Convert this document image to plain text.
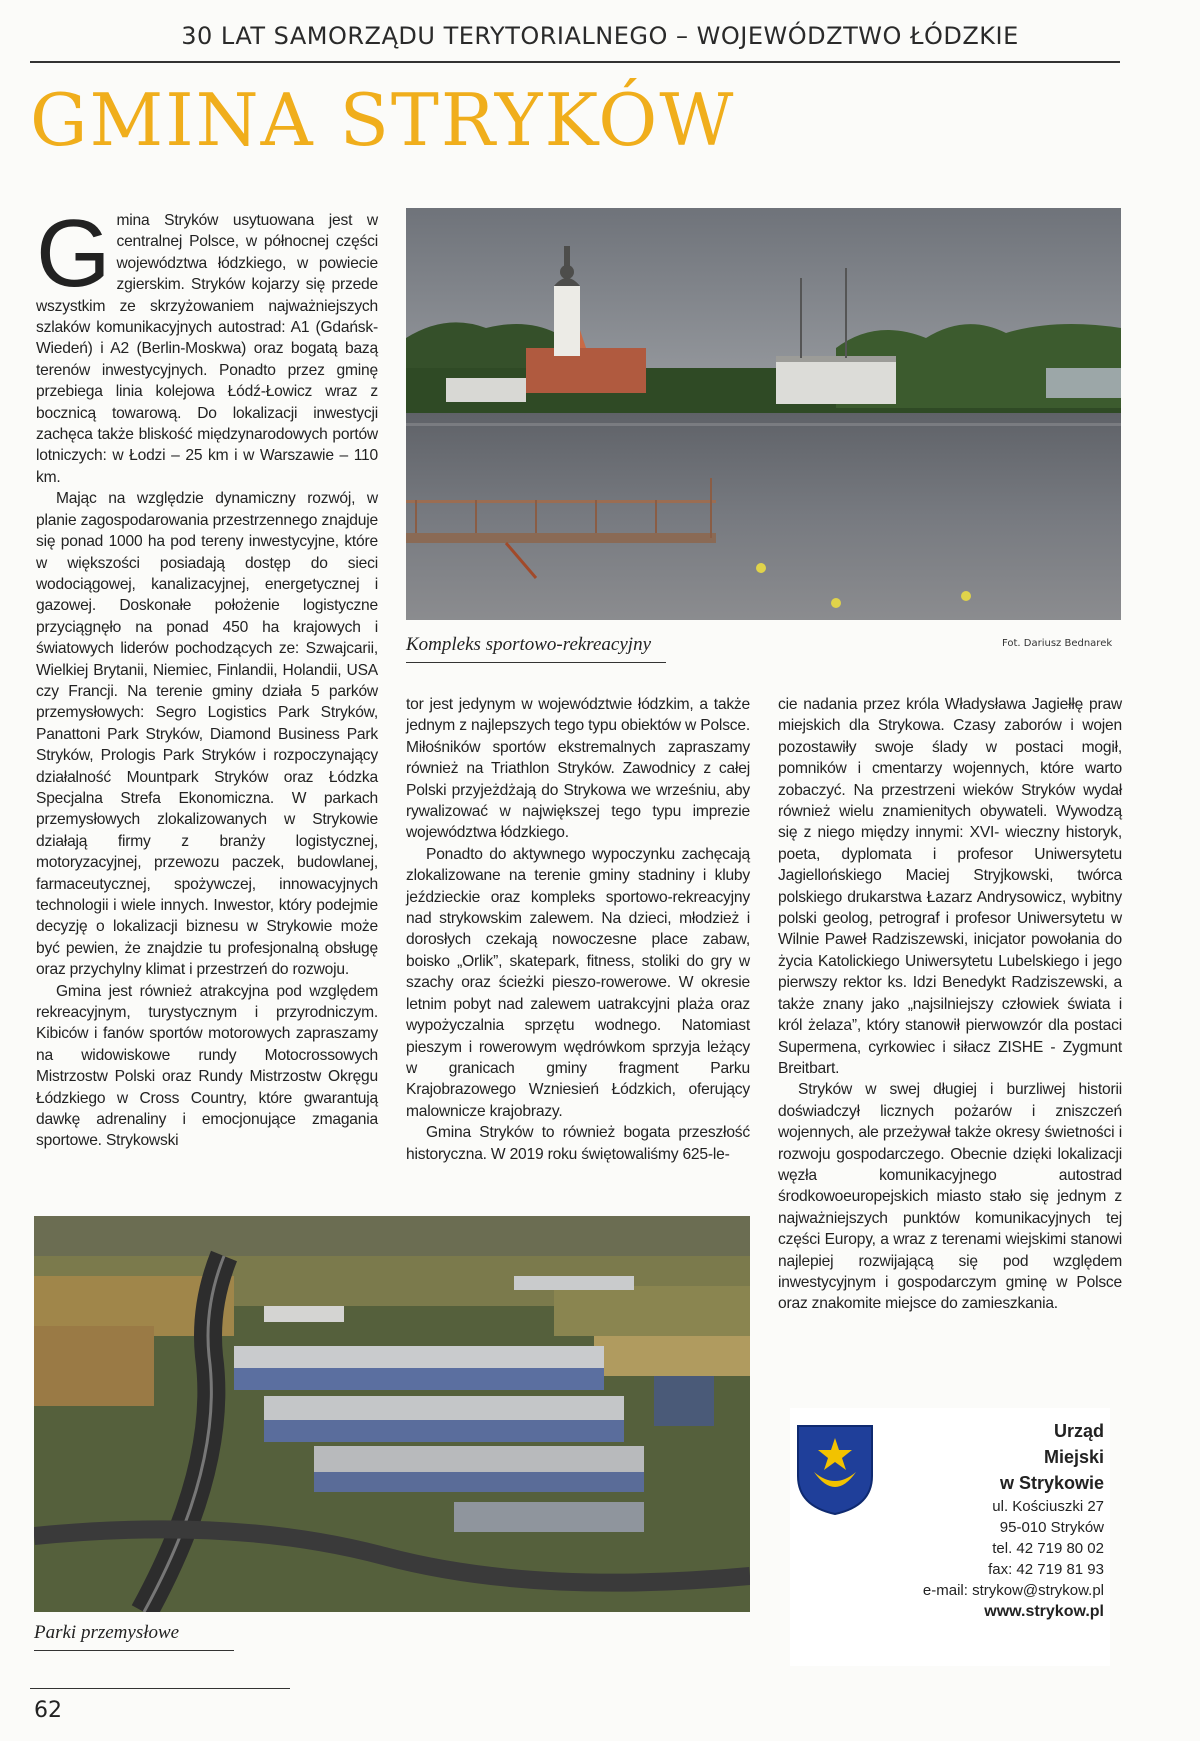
30 LAT SAMORZĄDU TERYTORIALNEGO – WOJEWÓDZTWO ŁÓDZKIE
GMINA STRYKÓW

Gmina Stryków usytuowana jest w centralnej Polsce, w północnej części województwa łódzkiego, w powiecie zgierskim. Stryków kojarzy się przede wszystkim ze skrzyżowaniem najważniejszych szlaków komunikacyjnych autostrad: A1 (Gdańsk-Wiedeń) i A2 (Berlin-Moskwa) oraz bogatą bazą terenów inwestycyjnych. Ponadto przez gminę przebiega linia kolejowa Łódź-Łowicz wraz z bocznicą towarową. Do lokalizacji inwestycji zachęca także bliskość międzynarodowych portów lotniczych: w Łodzi – 25 km i w Warszawie – 110 km.

Mając na względzie dynamiczny rozwój, w planie zagospodarowania przestrzennego znajduje się ponad 1000 ha pod tereny inwestycyjne, które w większości posiadają dostęp do sieci wodociągowej, kanalizacyjnej, energetycznej i gazowej. Doskonałe położenie logistyczne przyciągnęło na ponad 450 ha krajowych i światowych liderów pochodzących ze: Szwajcarii, Wielkiej Brytanii, Niemiec, Finlandii, Holandii, USA czy Francji. Na terenie gminy działa 5 parków przemysłowych: Segro Logistics Park Stryków, Panattoni Park Stryków, Diamond Business Park Stryków, Prologis Park Stryków i rozpoczynający działalność Mountpark Stryków oraz Łódzka Specjalna Strefa Ekonomiczna. W parkach przemysłowych zlokalizowanych w Strykowie działają firmy z branży logistycznej, motoryzacyjnej, przewozu paczek, budowlanej, farmaceutycznej, spożywczej, innowacyjnych technologii i wiele innych. Inwestor, który podejmie decyzję o lokalizacji biznesu w Strykowie może być pewien, że znajdzie tu profesjonalną obsługę oraz przychylny klimat i przestrzeń do rozwoju.

Gmina jest również atrakcyjna pod względem rekreacyjnym, turystycznym i przyrodniczym. Kibiców i fanów sportów motorowych zapraszamy na widowiskowe rundy Motocrossowych Mistrzostw Polski oraz Rundy Mistrzostw Okręgu Łódzkiego w Cross Country, które gwarantują dawkę adrenaliny i emocjonujące zmagania sportowe. Strykowski

Kompleks sportowo-rekreacyjny	Fot. Dariusz Bednarek

tor jest jedynym w województwie łódzkim, a także jednym z najlepszych tego typu obiektów w Polsce. Miłośników sportów ekstremalnych zapraszamy również na Triathlon Stryków. Zawodnicy z całej Polski przyjeżdżają do Strykowa we wrześniu, aby rywalizować w największej tego typu imprezie województwa łódzkiego.

Ponadto do aktywnego wypoczynku zachęcają zlokalizowane na terenie gminy stadniny i kluby jeździeckie oraz kompleks sportowo-rekreacyjny nad strykowskim zalewem. Na dzieci, młodzież i dorosłych czekają nowoczesne place zabaw, boisko „Orlik”, skatepark, fitness, stoliki do gry w szachy oraz ścieżki pieszo-rowerowe. W okresie letnim pobyt nad zalewem uatrakcyjni plaża oraz wypożyczalnia sprzętu wodnego. Natomiast pieszym i rowerowym wędrówkom sprzyja leżący w granicach gminy fragment Parku Krajobrazowego Wzniesień Łódzkich, oferujący malownicze krajobrazy.

Gmina Stryków to również bogata przeszłość historyczna. W 2019 roku świętowaliśmy 625-le-

cie nadania przez króla Władysława Jagiełłę praw miejskich dla Strykowa. Czasy zaborów i wojen pozostawiły swoje ślady w postaci mogił, pomników i cmentarzy wojennych, które warto zobaczyć. Na przestrzeni wieków Stryków wydał również wielu znamienitych obywateli. Wywodzą się z niego między innymi: XVI- wieczny historyk, poeta, dyplomata i profesor Uniwersytetu Jagiellońskiego Maciej Stryjkowski, twórca polskiego drukarstwa Łazarz Andrysowicz, wybitny polski geolog, petrograf i profesor Uniwersytetu w Wilnie Paweł Radziszewski, inicjator powołania do życia Katolickiego Uniwersytetu Lubelskiego i jego pierwszy rektor ks. Idzi Benedykt Radziszewski, a także znany jako „najsilniejszy człowiek świata i król żelaza”, który stanowił pierwowzór dla postaci Supermena, cyrkowiec i siłacz ZISHE - Zygmunt Breitbart.

Stryków w swej długiej i burzliwej historii doświadczył licznych pożarów i zniszczeń wojennych, ale przeżywał także okresy świetności i rozwoju gospodarczego. Obecnie dzięki lokalizacji węzła komunikacyjnego autostrad środkowoeuropejskich miasto stało się jednym z najważniejszych punktów komunikacyjnych tej części Europy, a wraz z terenami wiejskimi stanowi najlepiej rozwijającą się pod względem inwestycyjnym i gospodarczym gminę w Polsce oraz znakomite miejsce do zamieszkania.

Parki przemysłowe
Urząd
Miejski
w Strykowie
ul. Kościuszki 27
95-010 Stryków
tel. 42 719 80 02
fax: 42 719 81 93
e-mail: strykow@strykow.pl
www.strykow.pl
62
